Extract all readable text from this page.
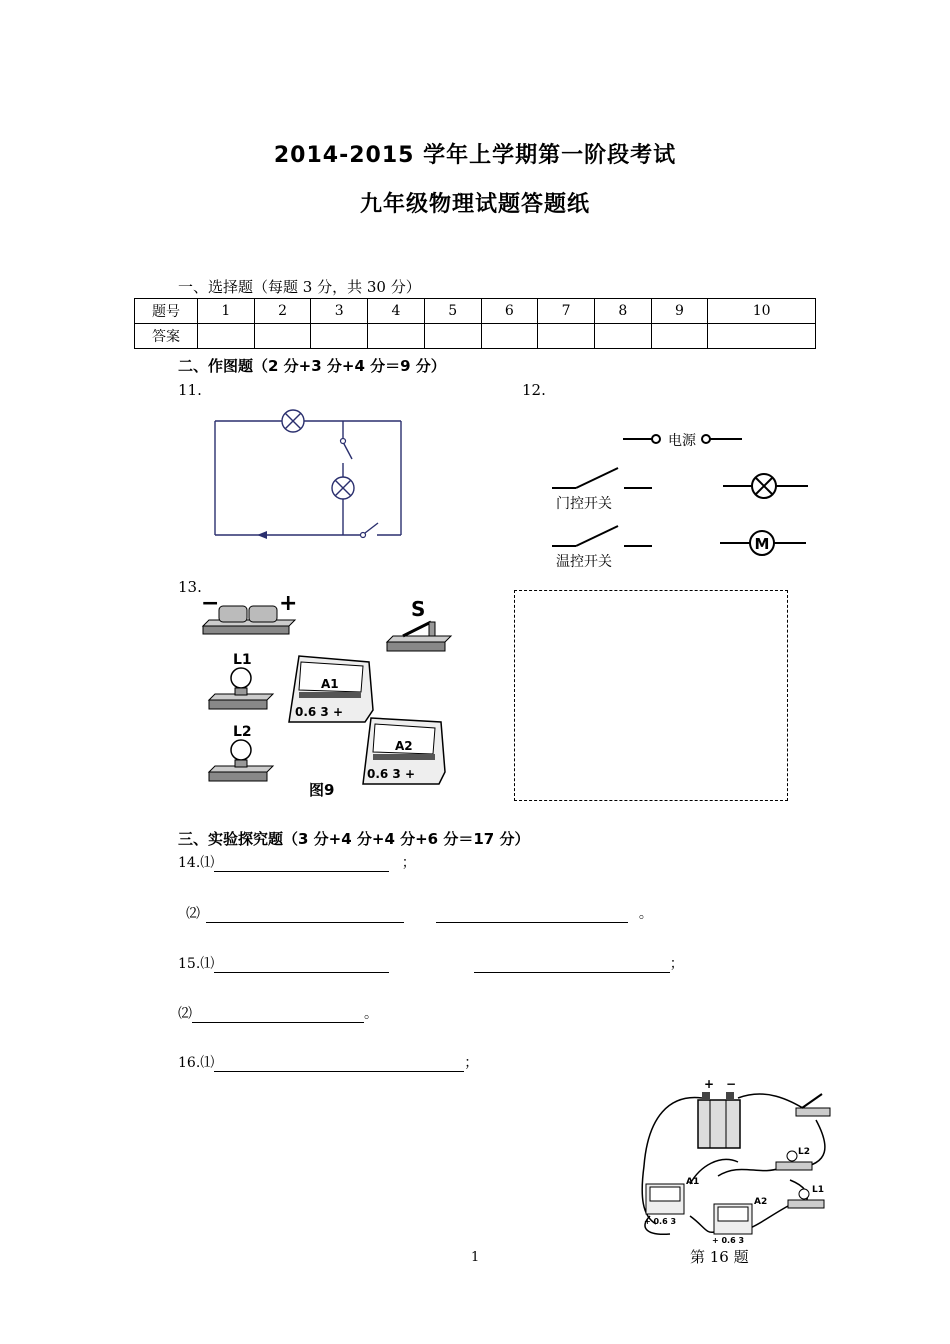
2014-2015 学年上学期第一阶段考试
九年级物理试题答题纸
一、选择题（每题 3 分，共 30 分）
题号	1	2	3	4	5	6	7	8	9	10
答案										
二、作图题（2 分+3 分+4 分＝9 分）
11.	12.
M
电源
门控开关
温控开关
13.
−	+	S
L1
L2
A1
0.6 3 +
A2
0.6 3 +
图9
三、实验探究题（3 分+4 分+4 分+6 分＝17 分）
14.⑴	；
⑵	。
15.⑴	；
⑵	。
16.⑴	；
+ −
L2
L1
A1
+ 0.6 3
A2
+ 0.6 3
第 16 题
1
